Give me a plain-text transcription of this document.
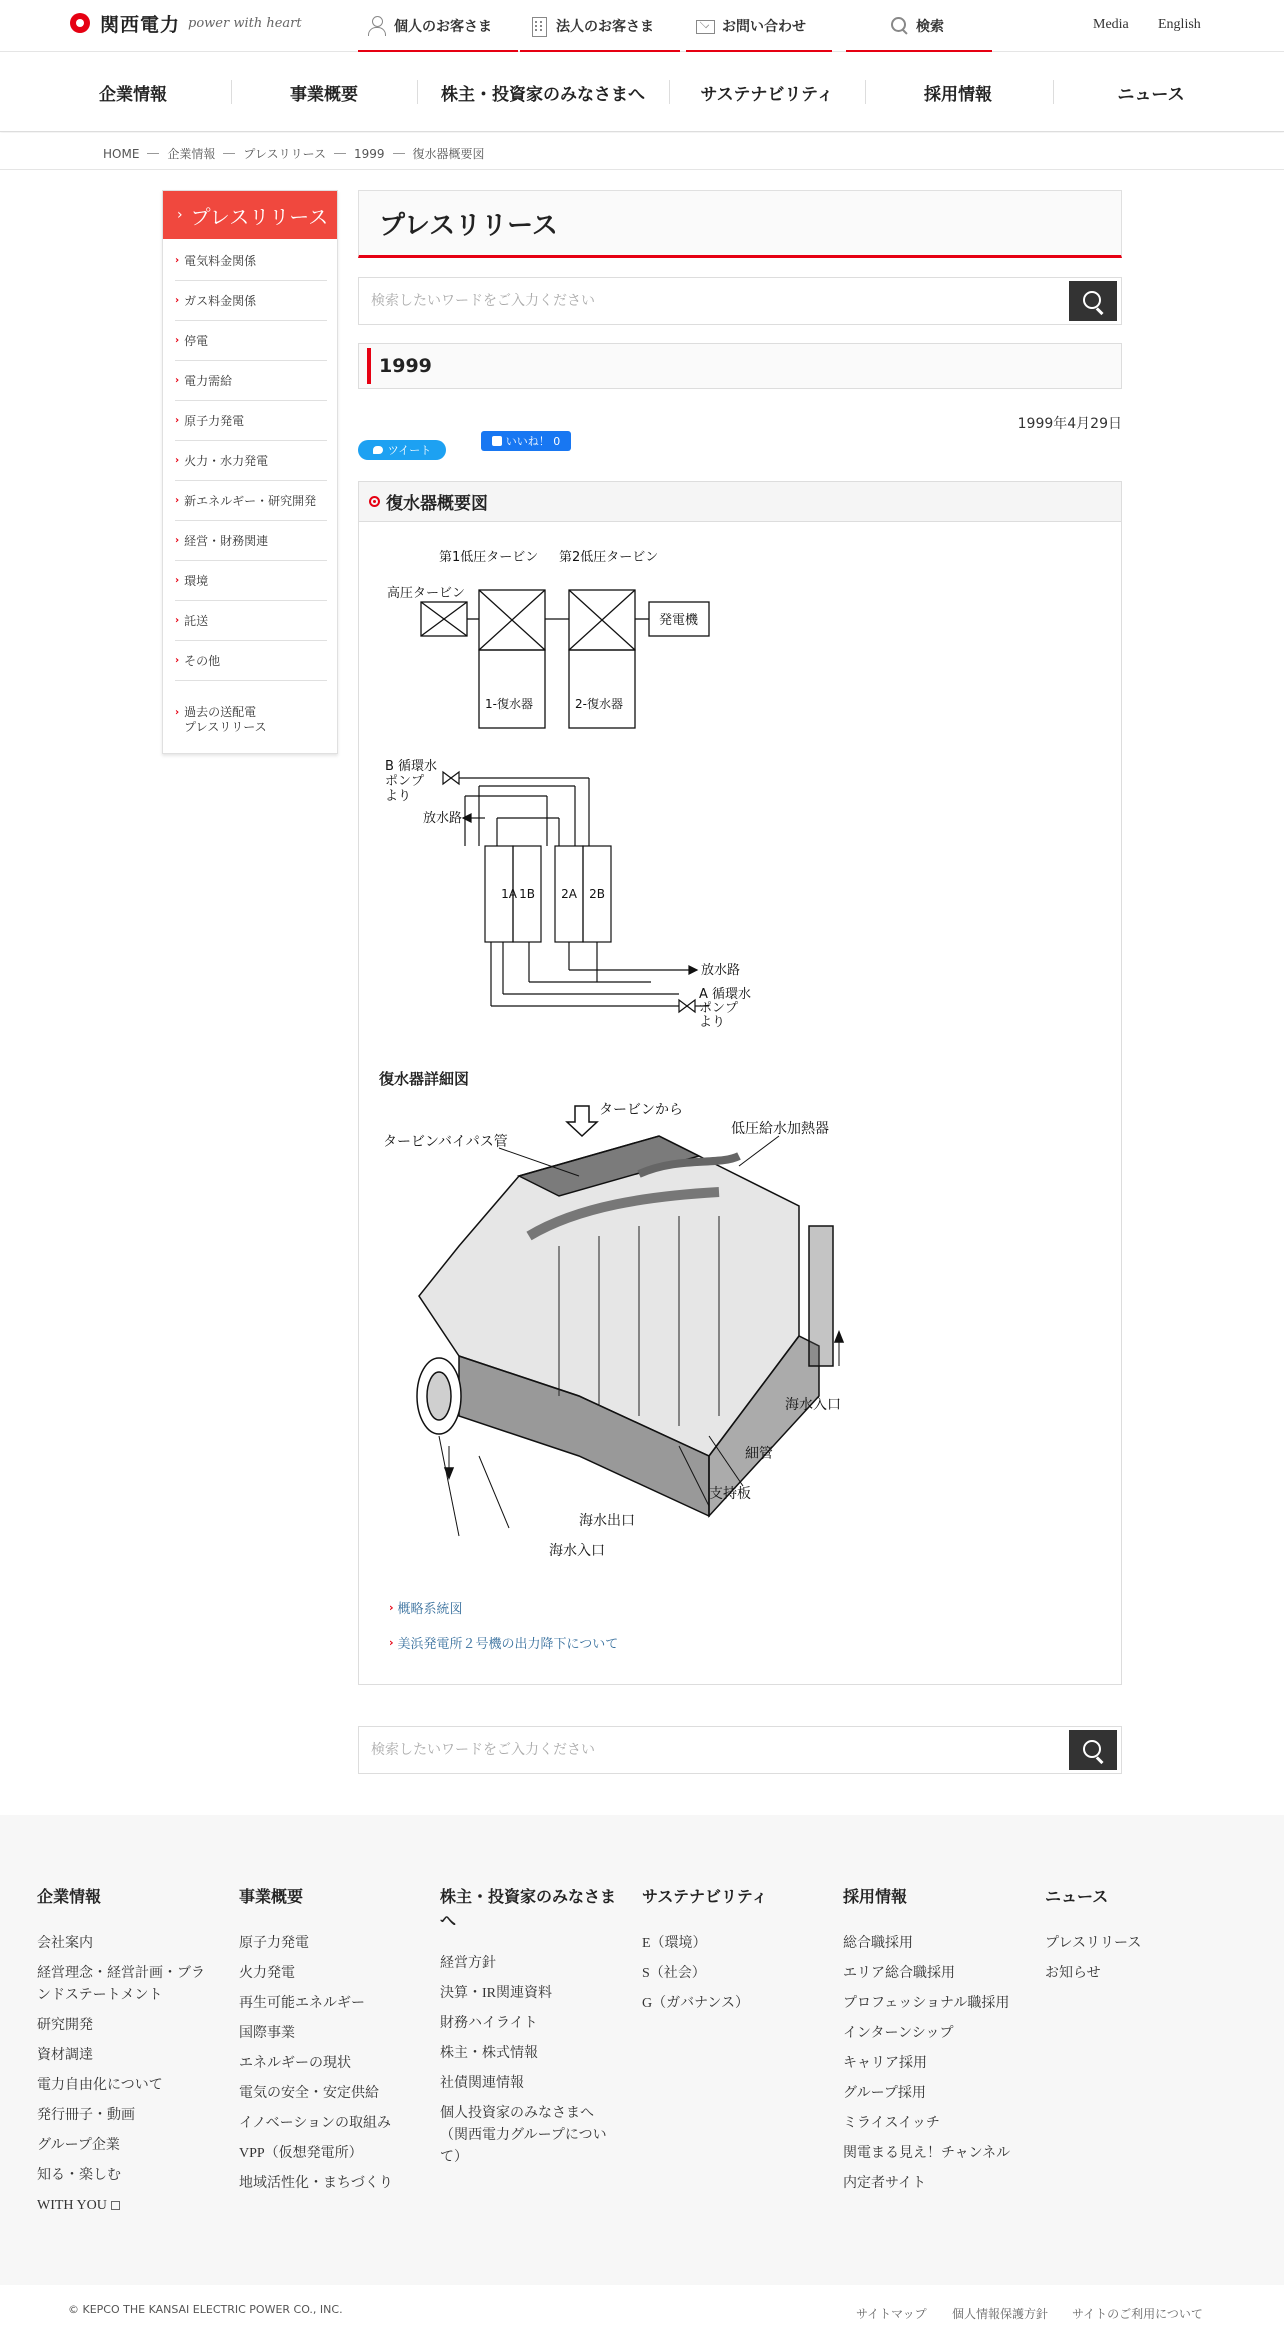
関西電力 power with heart	個人のお客さま	法人のお客さま	お問い合わせ	検索	Media English
企業情報	事業概要	株主・投資家のみなさまへ	サステナビリティ	採用情報	ニュース
HOME 企業情報 プレスリリース 1999 復水器概要図
› プレスリリース
› 電気料金関係
› ガス料金関係
› 停電
› 電力需給
› 原子力発電
› 火力・水力発電
› 新エネルギー・研究開発
› 経営・財務関連
› 環境
› 託送
› その他
› 過去の送配電
プレスリリース
プレスリリース
検索したいワードをご入力ください
1999
1999年4月29日
ツイート
いいね！ 0
復水器概要図
第1低圧タービン 第2低圧タービン
高圧タービン
発電機
1-復水器	2-復水器
B 循環水
ポンプ
より
放水路
1A 1B 2A 2B
放水路
A 循環水
ポンプ
より
復水器詳細図
タービンから
タービンバイパス管
低圧給水加熱器
海水入口
細管
支持板
海水出口
海水入口
› 概略系統図
› 美浜発電所２号機の出力降下について
検索したいワードをご入力ください
企業情報
会社案内
経営理念・経営計画・ブランドステートメント
研究開発
資材調達
電力自由化について
発行冊子・動画
グループ企業
知る・楽しむ
WITH YOU
事業概要
原子力発電
火力発電
再生可能エネルギー
国際事業
エネルギーの現状
電気の安全・安定供給
イノベーションの取組み
VPP（仮想発電所）
地域活性化・まちづくり
株主・投資家のみなさまへ
経営方針
決算・IR関連資料
財務ハイライト
株主・株式情報
社債関連情報
個人投資家のみなさまへ（関西電力グループについて）
サステナビリティ
E（環境）
S（社会）
G（ガバナンス）
採用情報
総合職採用
エリア総合職採用
プロフェッショナル職採用
インターンシップ
キャリア採用
グループ採用
ミライスイッチ
関電まる見え！チャンネル
内定者サイト
ニュース
プレスリリース
お知らせ
© KEPCO THE KANSAI ELECTRIC POWER CO., INC.	サイトマップ 個人情報保護方針 サイトのご利用について
